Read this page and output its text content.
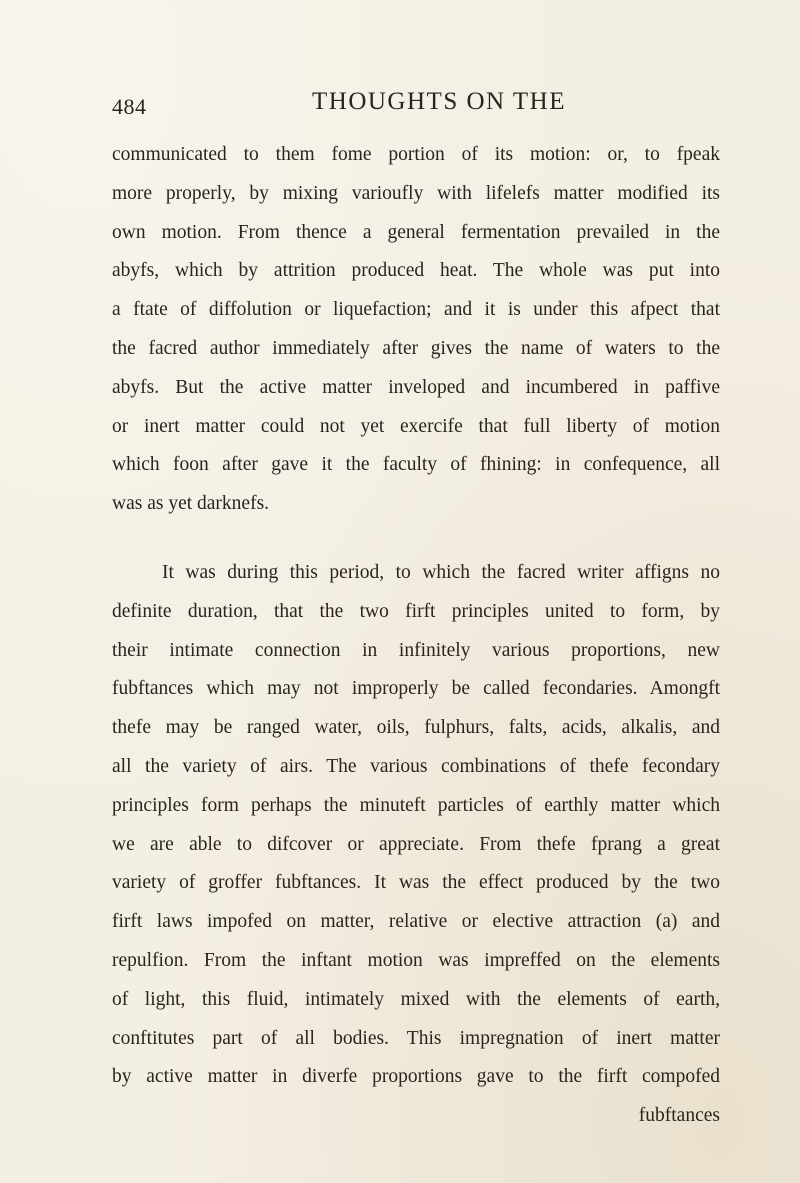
484	THOUGHTS ON THE
communicated to them fome portion of its motion: or, to fpeak
more properly, by mixing varioufly with lifelefs matter modified its
own motion. From thence a general fermentation prevailed in the
abyfs, which by attrition produced heat. The whole was put into
a ftate of diffolution or liquefaction; and it is under this afpect that
the facred author immediately after gives the name of waters to the
abyfs. But the active matter inveloped and incumbered in paffive
or inert matter could not yet exercife that full liberty of motion
which foon after gave it the faculty of fhining: in confequence, all
was as yet darknefs.
It was during this period, to which the facred writer affigns no
definite duration, that the two firft principles united to form, by
their intimate connection in infinitely various proportions, new
fubftances which may not improperly be called fecondaries. Amongft
thefe may be ranged water, oils, fulphurs, falts, acids, alkalis, and
all the variety of airs. The various combinations of thefe fecondary
principles form perhaps the minuteft particles of earthly matter which
we are able to difcover or appreciate. From thefe fprang a great
variety of groffer fubftances. It was the effect produced by the two
firft laws impofed on matter, relative or elective attraction (a) and
repulfion. From the inftant motion was impreffed on the elements
of light, this fluid, intimately mixed with the elements of earth,
conftitutes part of all bodies. This impregnation of inert matter
by active matter in diverfe proportions gave to the firft compofed
fubftances
